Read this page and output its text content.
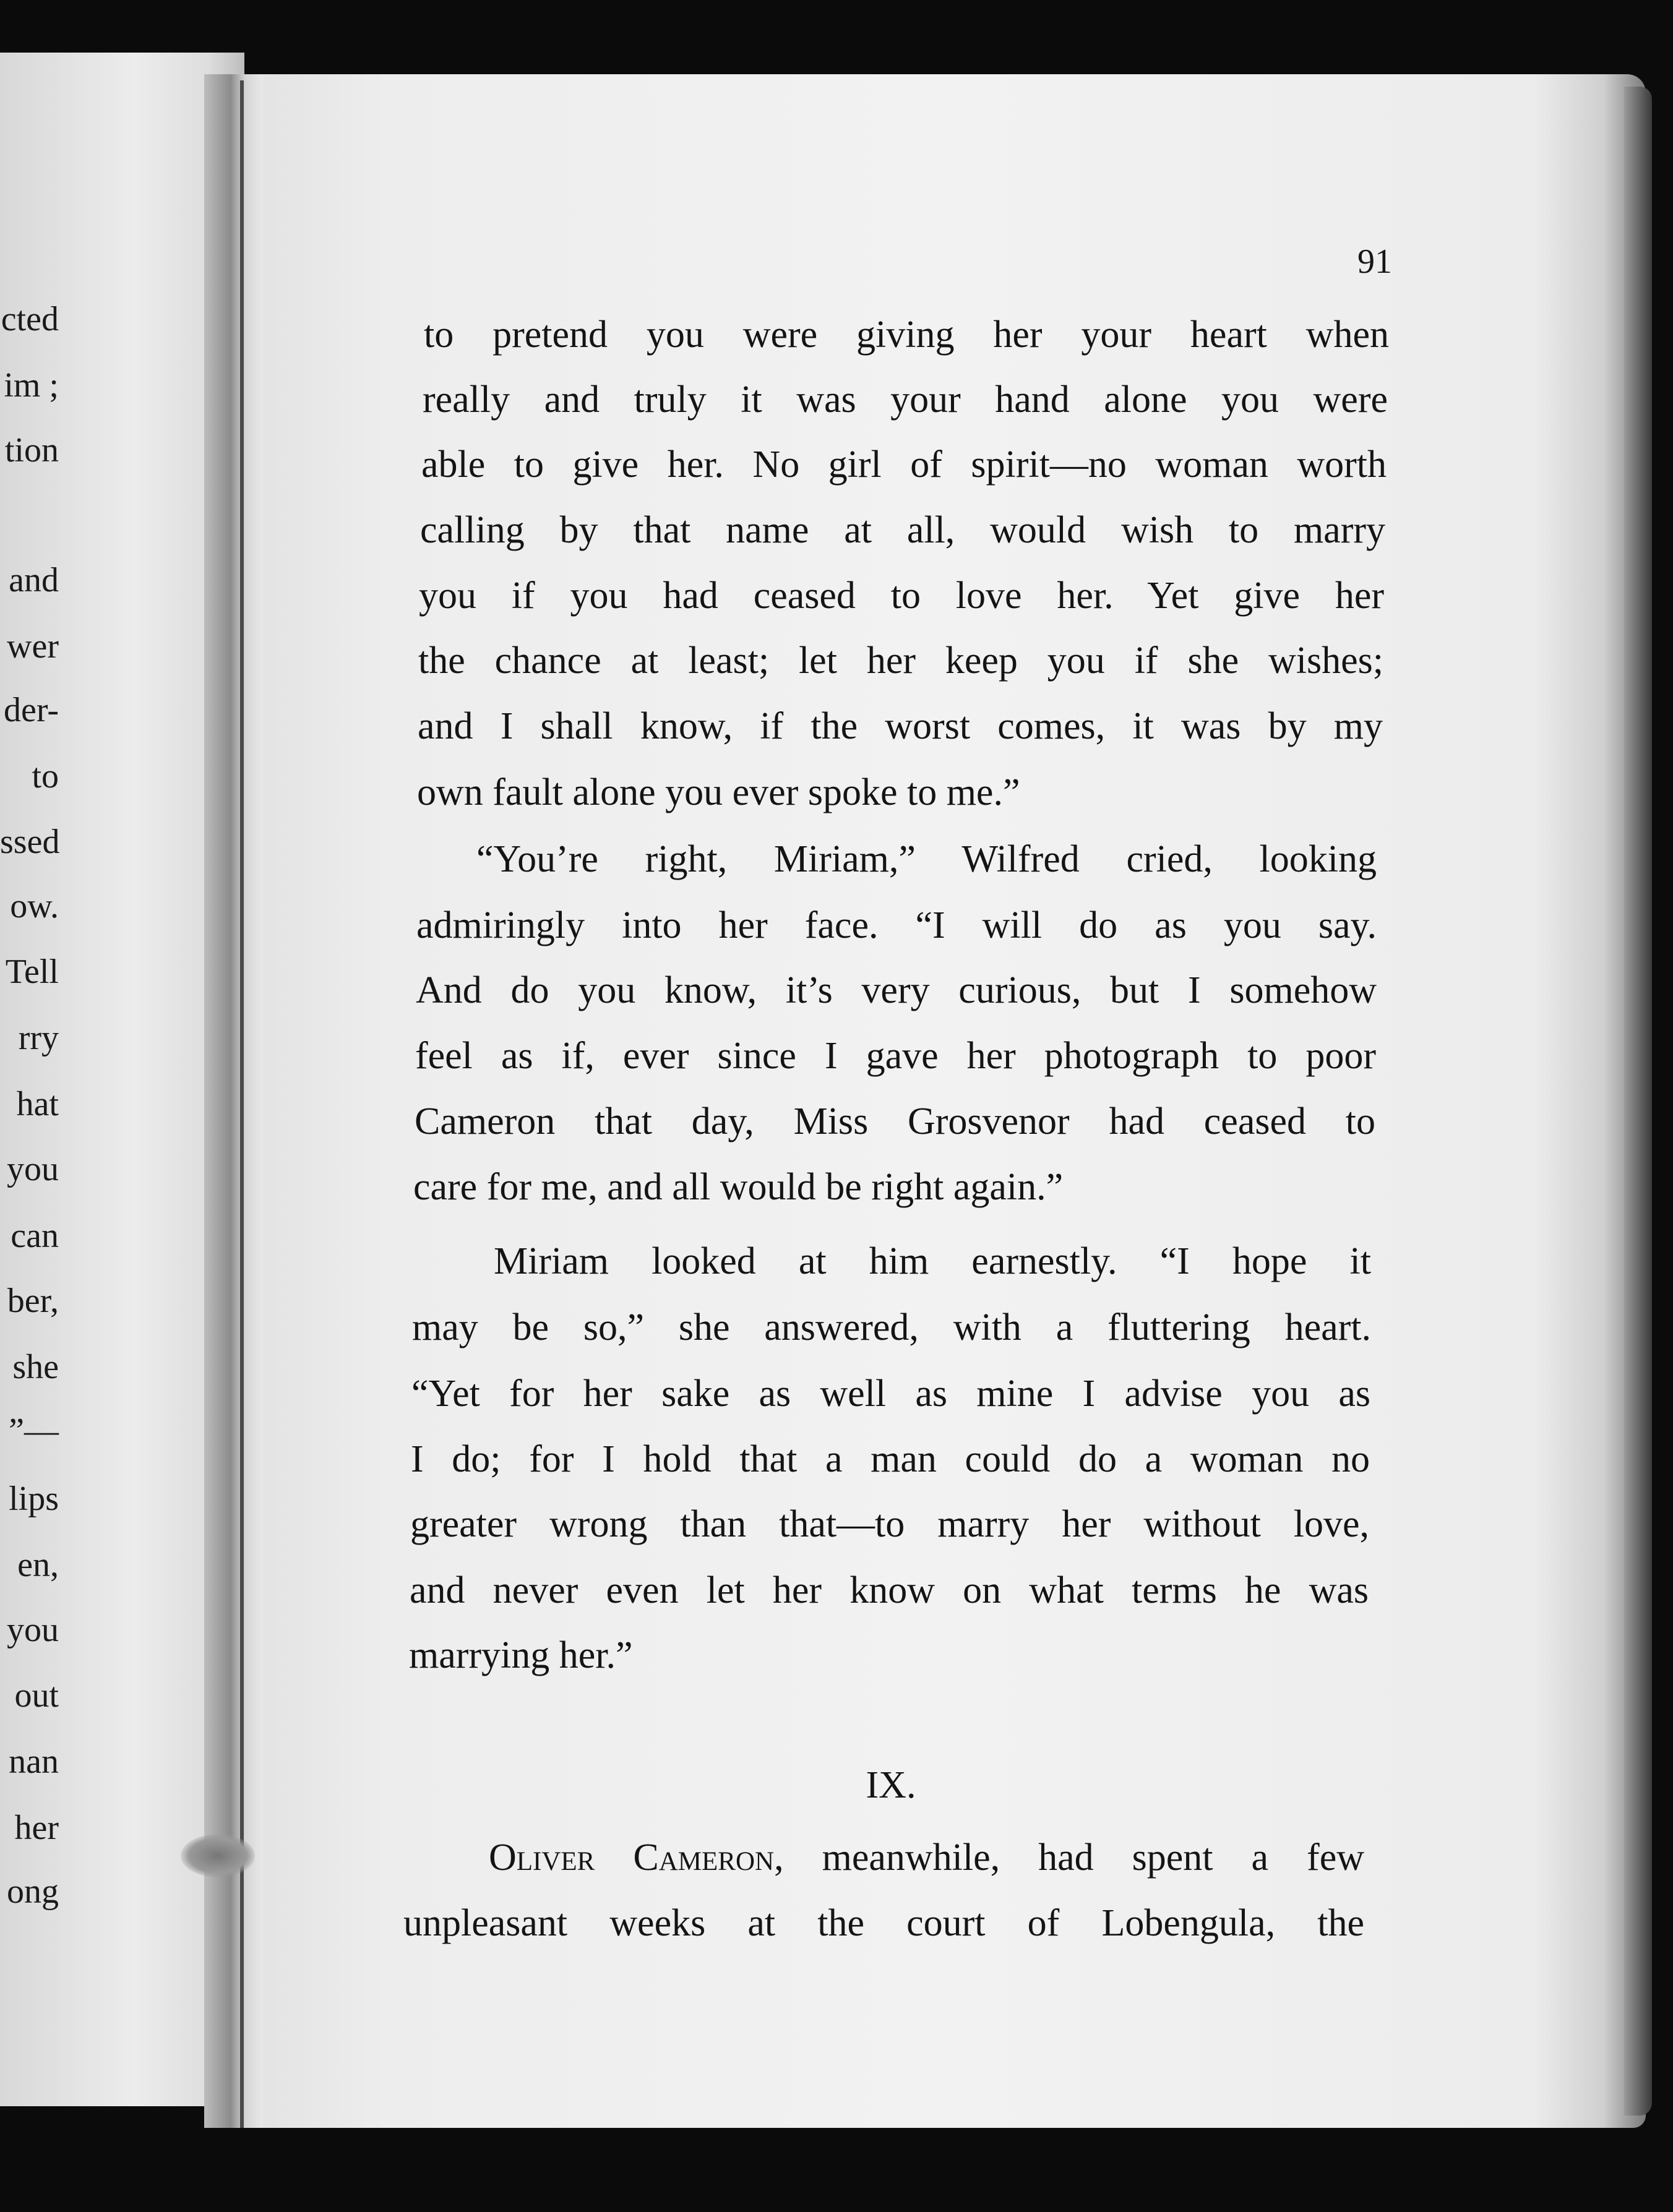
cted
im ;
tion
and
wer
der-
to
ssed
ow.
Tell
rry
hat
you
can
ber,
she
”—
lips
en,
you
out
nan
her
ong
91
to pretend you were giving her your heart when
really and truly it was your hand alone you were
able to give her. No girl of spirit—no woman worth
calling by that name at all, would wish to marry
you if you had ceased to love her. Yet give her
the chance at least; let her keep you if she wishes;
and I shall know, if the worst comes, it was by my
own fault alone you ever spoke to me.”
“You’re right, Miriam,” Wilfred cried, looking
admiringly into her face. “I will do as you say.
And do you know, it’s very curious, but I somehow
feel as if, ever since I gave her photograph to poor
Cameron that day, Miss Grosvenor had ceased to
care for me, and all would be right again.”
Miriam looked at him earnestly. “I hope it
may be so,” she answered, with a fluttering heart.
“Yet for her sake as well as mine I advise you as
I do; for I hold that a man could do a woman no
greater wrong than that—to marry her without love,
and never even let her know on what terms he was
marrying her.”
IX.
Oliver Cameron, meanwhile, had spent a few
unpleasant weeks at the court of Lobengula, the
